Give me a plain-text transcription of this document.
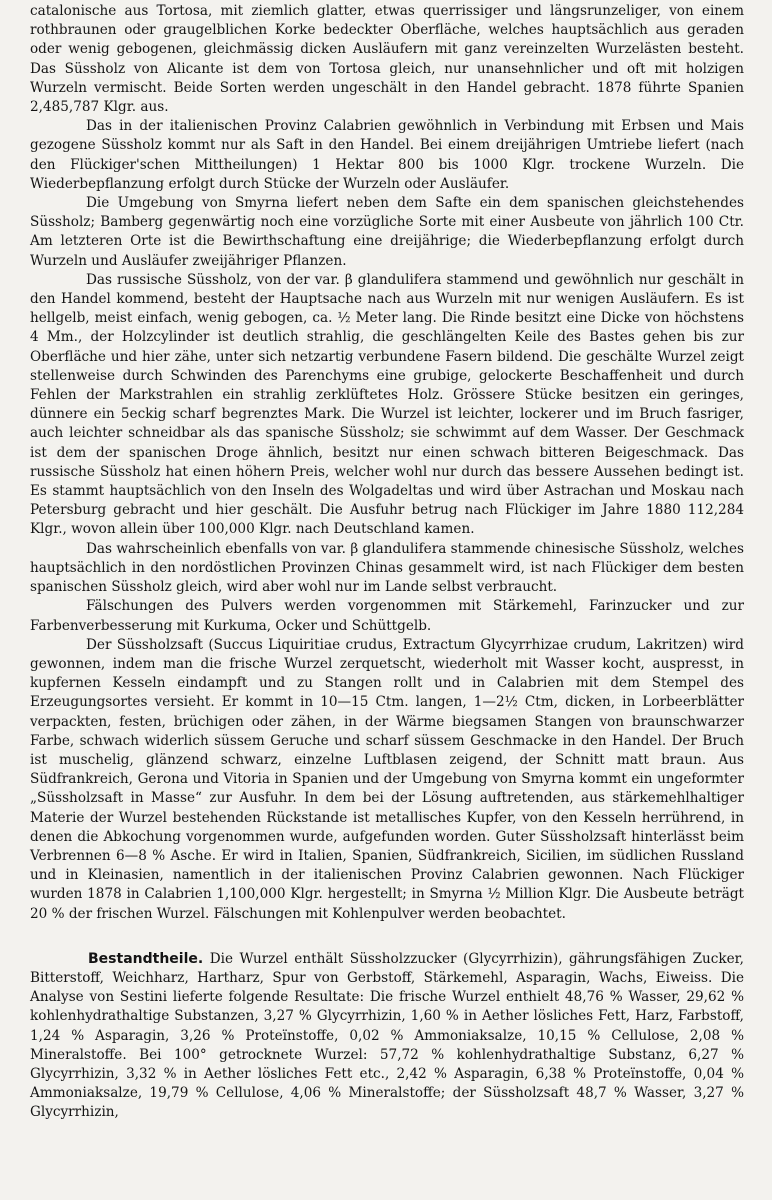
catalonische aus Tortosa, mit ziemlich glatter, etwas querrissiger und längsrunzeliger, von einem rothbraunen oder graugelblichen Korke bedeckter Oberfläche, welches hauptsächlich aus geraden oder wenig gebogenen, gleichmässig dicken Ausläufern mit ganz vereinzelten Wurzelästen besteht. Das Süssholz von Alicante ist dem von Tortosa gleich, nur unansehnlicher und oft mit holzigen Wurzeln vermischt. Beide Sorten werden ungeschält in den Handel gebracht. 1878 führte Spanien 2,485,787 Klgr. aus.

Das in der italienischen Provinz Calabrien gewöhnlich in Verbindung mit Erbsen und Mais gezogene Süssholz kommt nur als Saft in den Handel. Bei einem dreijährigen Umtriebe liefert (nach den Flückiger'schen Mittheilungen) 1 Hektar 800 bis 1000 Klgr. trockene Wurzeln. Die Wiederbepflanzung erfolgt durch Stücke der Wurzeln oder Ausläufer.

Die Umgebung von Smyrna liefert neben dem Safte ein dem spanischen gleichstehendes Süssholz; Bamberg gegenwärtig noch eine vorzügliche Sorte mit einer Ausbeute von jährlich 100 Ctr. Am letzteren Orte ist die Bewirthschaftung eine dreijährige; die Wiederbepflanzung erfolgt durch Wurzeln und Ausläufer zweijähriger Pflanzen.

Das russische Süssholz, von der var. β glandulifera stammend und gewöhnlich nur geschält in den Handel kommend, besteht der Hauptsache nach aus Wurzeln mit nur wenigen Ausläufern. Es ist hellgelb, meist einfach, wenig gebogen, ca. ½ Meter lang. Die Rinde besitzt eine Dicke von höchstens 4 Mm., der Holzcylinder ist deutlich strahlig, die geschlängelten Keile des Bastes gehen bis zur Oberfläche und hier zähe, unter sich netzartig verbundene Fasern bildend. Die geschälte Wurzel zeigt stellenweise durch Schwinden des Parenchyms eine grubige, gelockerte Beschaffenheit und durch Fehlen der Markstrahlen ein strahlig zerklüftetes Holz. Grössere Stücke besitzen ein geringes, dünnere ein 5eckig scharf begrenztes Mark. Die Wurzel ist leichter, lockerer und im Bruch fasriger, auch leichter schneidbar als das spanische Süssholz; sie schwimmt auf dem Wasser. Der Geschmack ist dem der spanischen Droge ähnlich, besitzt nur einen schwach bitteren Beigeschmack. Das russische Süssholz hat einen höhern Preis, welcher wohl nur durch das bessere Aussehen bedingt ist. Es stammt hauptsächlich von den Inseln des Wolgadeltas und wird über Astrachan und Moskau nach Petersburg gebracht und hier geschält. Die Ausfuhr betrug nach Flückiger im Jahre 1880 112,284 Klgr., wovon allein über 100,000 Klgr. nach Deutschland kamen.

Das wahrscheinlich ebenfalls von var. β glandulifera stammende chinesische Süssholz, welches hauptsächlich in den nordöstlichen Provinzen Chinas gesammelt wird, ist nach Flückiger dem besten spanischen Süssholz gleich, wird aber wohl nur im Lande selbst verbraucht.

Fälschungen des Pulvers werden vorgenommen mit Stärkemehl, Farinzucker und zur Farbenverbesserung mit Kurkuma, Ocker und Schüttgelb.

Der Süssholzsaft (Succus Liquiritiae crudus, Extractum Glycyrrhizae crudum, Lakritzen) wird gewonnen, indem man die frische Wurzel zerquetscht, wiederholt mit Wasser kocht, auspresst, in kupfernen Kesseln eindampft und zu Stangen rollt und in Calabrien mit dem Stempel des Erzeugungsortes versieht. Er kommt in 10—15 Ctm. langen, 1—2½ Ctm, dicken, in Lorbeerblätter verpackten, festen, brüchigen oder zähen, in der Wärme biegsamen Stangen von braunschwarzer Farbe, schwach widerlich süssem Geruche und scharf süssem Geschmacke in den Handel. Der Bruch ist muschelig, glänzend schwarz, einzelne Luftblasen zeigend, der Schnitt matt braun. Aus Südfrankreich, Gerona und Vitoria in Spanien und der Umgebung von Smyrna kommt ein ungeformter „Süssholzsaft in Masse“ zur Ausfuhr. In dem bei der Lösung auftretenden, aus stärkemehlhaltiger Materie der Wurzel bestehenden Rückstande ist metallisches Kupfer, von den Kesseln herrührend, in denen die Abkochung vorgenommen wurde, aufgefunden worden. Guter Süssholzsaft hinterlässt beim Verbrennen 6—8 % Asche. Er wird in Italien, Spanien, Südfrankreich, Sicilien, im südlichen Russland und in Kleinasien, namentlich in der italienischen Provinz Calabrien gewonnen. Nach Flückiger wurden 1878 in Calabrien 1,100,000 Klgr. hergestellt; in Smyrna ½ Million Klgr. Die Ausbeute beträgt 20 % der frischen Wurzel. Fälschungen mit Kohlenpulver werden beobachtet.

Bestandtheile. Die Wurzel enthält Süssholzzucker (Glycyrrhizin), gährungsfähigen Zucker, Bitterstoff, Weichharz, Hartharz, Spur von Gerbstoff, Stärkemehl, Asparagin, Wachs, Eiweiss. Die Analyse von Sestini lieferte folgende Resultate: Die frische Wurzel enthielt 48,76 % Wasser, 29,62 % kohlenhydrathaltige Substanzen, 3,27 % Glycyrrhizin, 1,60 % in Aether lösliches Fett, Harz, Farbstoff, 1,24 % Asparagin, 3,26 % Proteïnstoffe, 0,02 % Ammoniaksalze, 10,15 % Cellulose, 2,08 % Mineralstoffe. Bei 100° getrocknete Wurzel: 57,72 % kohlenhydrathaltige Substanz, 6,27 % Glycyrrhizin, 3,32 % in Aether lösliches Fett etc., 2,42 % Asparagin, 6,38 % Proteïnstoffe, 0,04 % Ammoniaksalze, 19,79 % Cellulose, 4,06 % Mineralstoffe; der Süssholzsaft 48,7 % Wasser, 3,27 % Glycyrrhizin,
